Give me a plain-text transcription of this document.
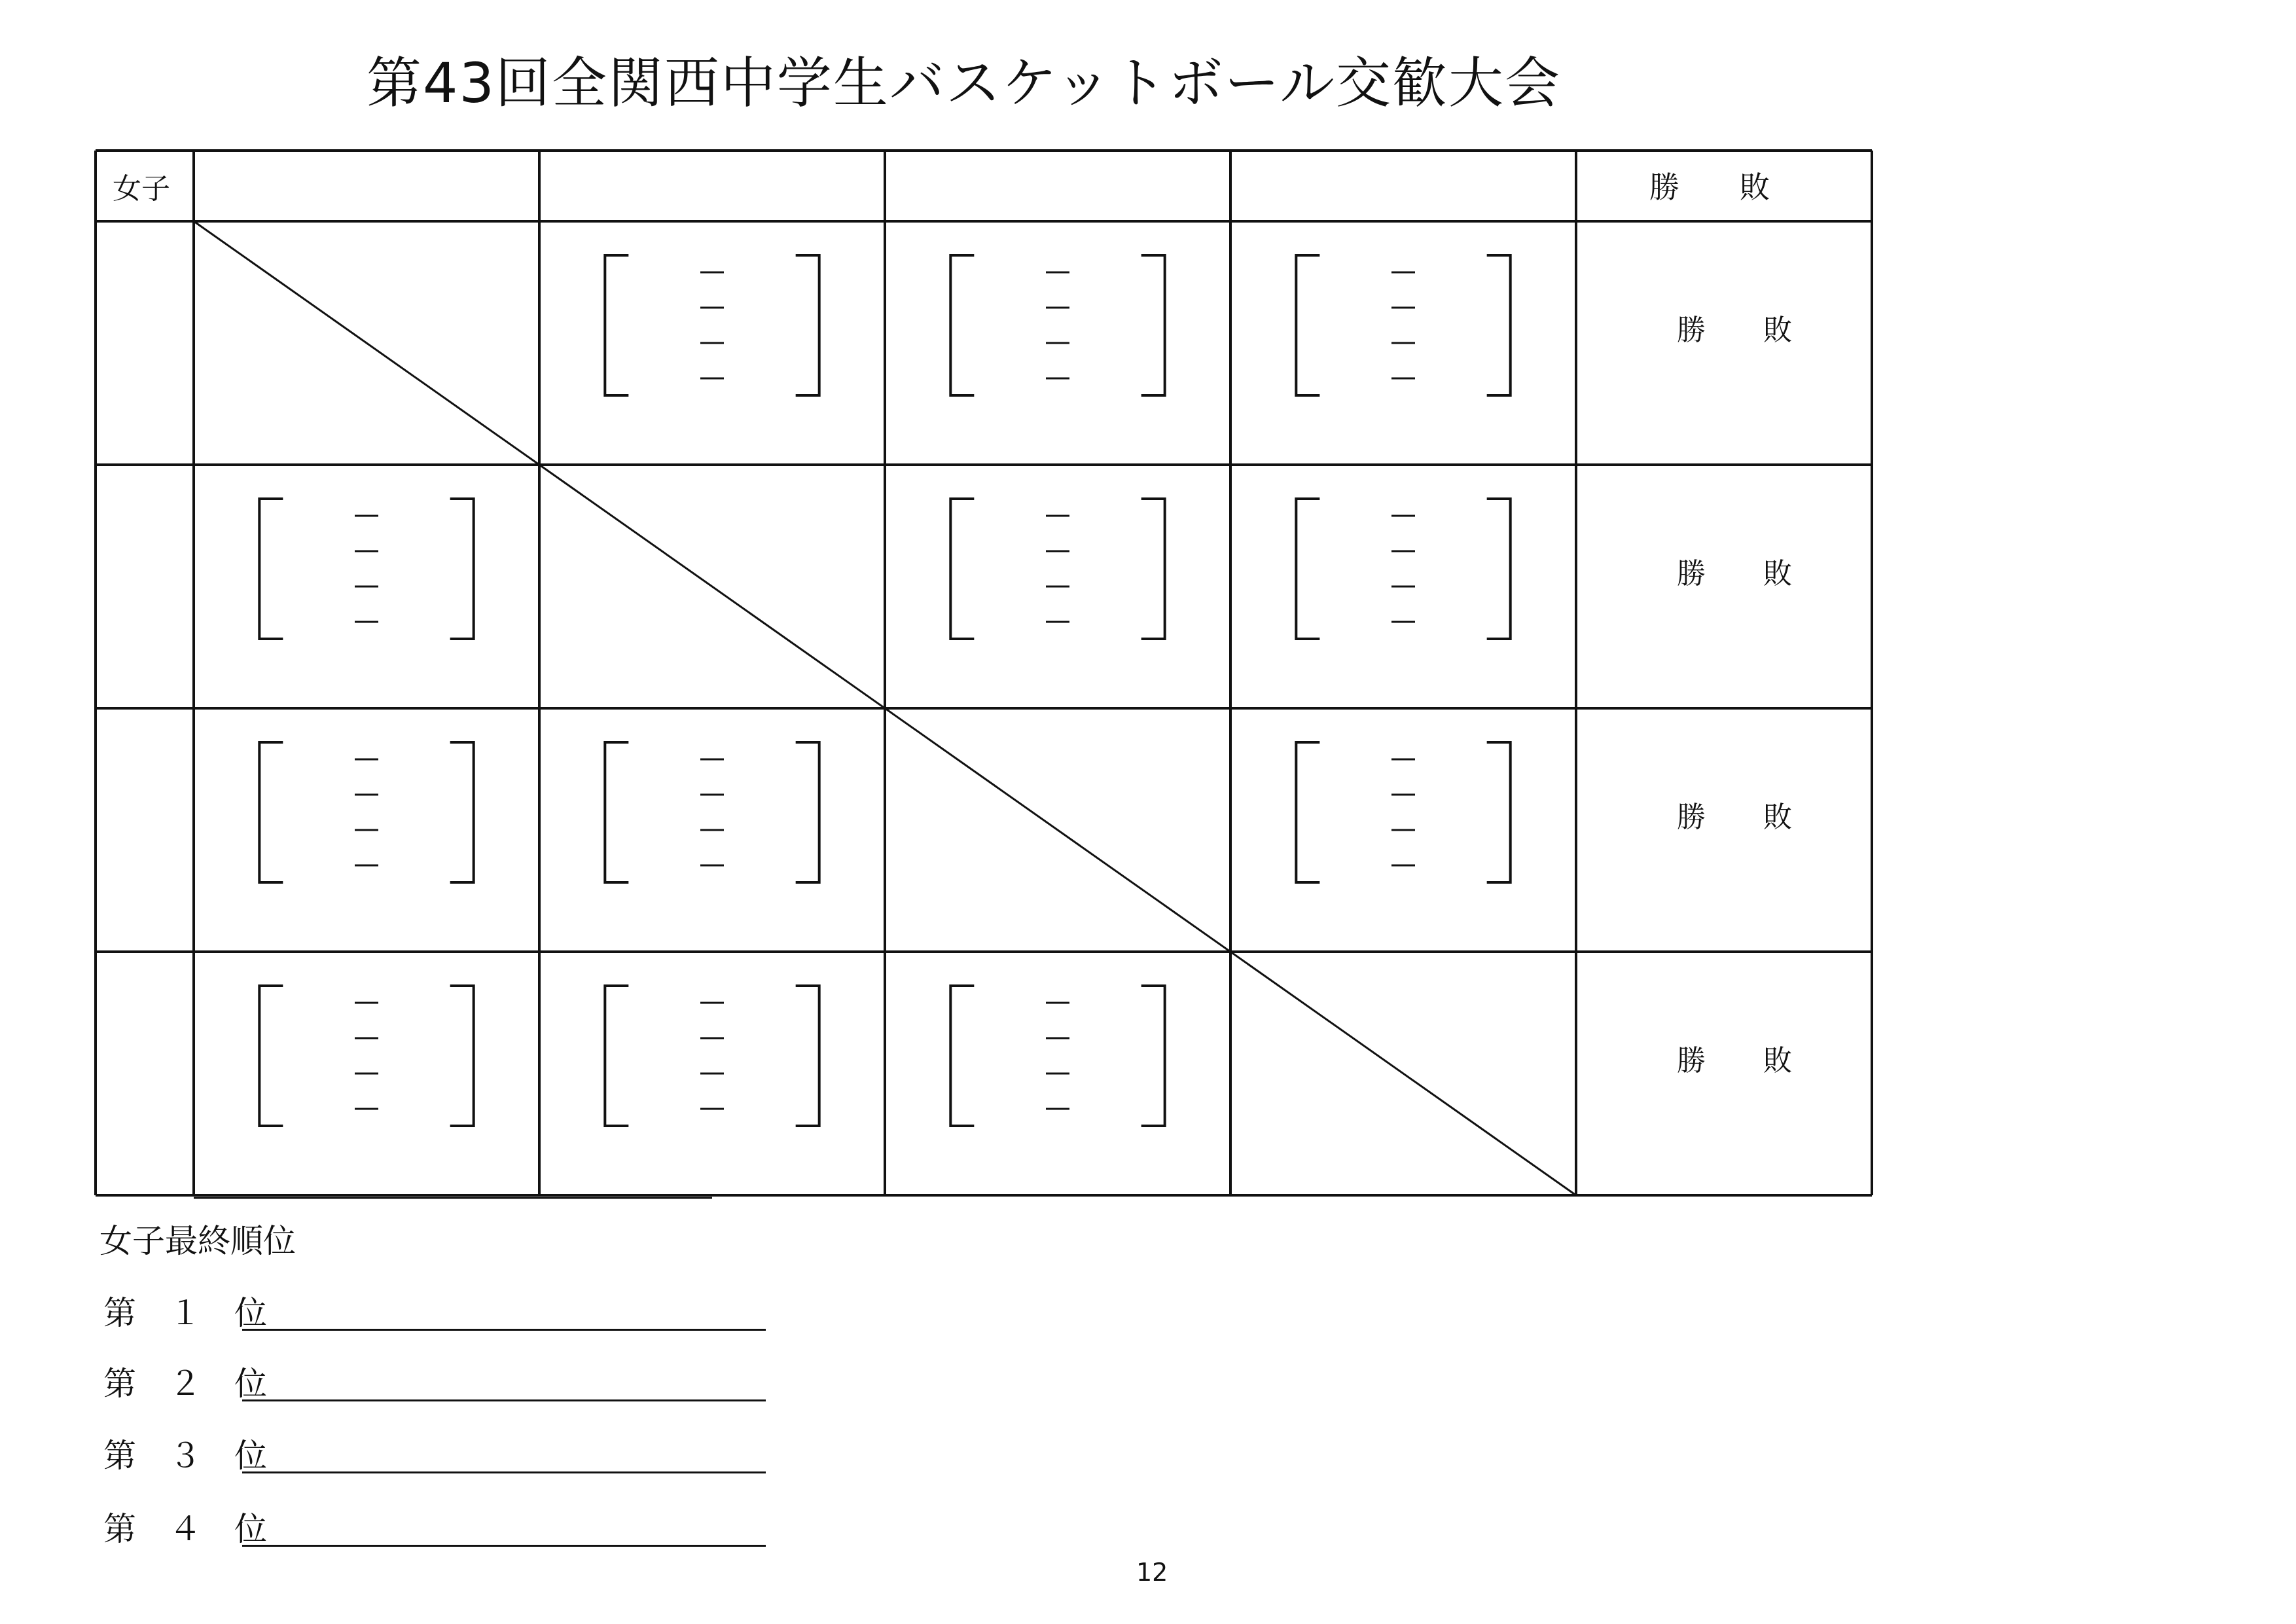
第43回全関西中学生バスケットボール交歓大会
女子	勝　　敗
勝　　敗
勝　　敗
勝　　敗
勝　　敗
女子最終順位
第　１　位
第　２　位
第　３　位
第　４　位
12
